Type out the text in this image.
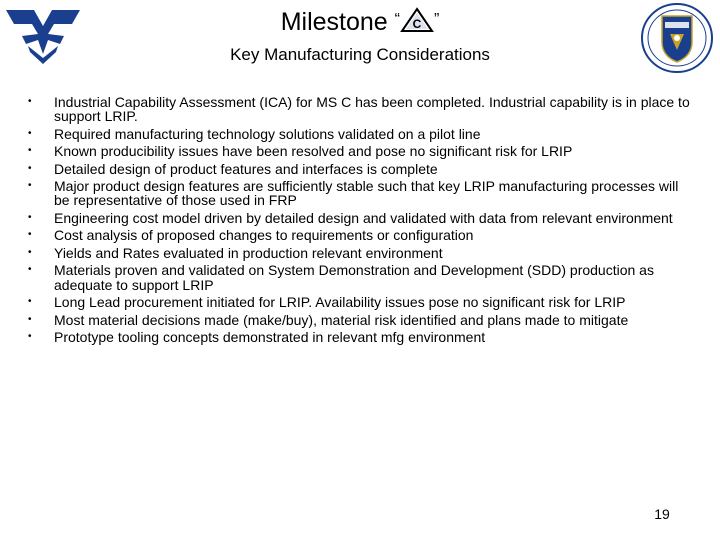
Milestone “ C ”
Key Manufacturing Considerations
• Industrial Capability Assessment (ICA) for MS C has been completed. Industrial capability is in place to support LRIP.
• Required manufacturing technology solutions validated on a pilot line
• Known producibility issues have been resolved and pose no significant risk for LRIP
• Detailed design of product features and interfaces is complete
• Major product design features are sufficiently stable such that key LRIP manufacturing processes will be representative of those used in FRP
• Engineering cost model driven by detailed design and validated with data from relevant environment
• Cost analysis of proposed changes to requirements or configuration
• Yields and Rates evaluated in production relevant environment
• Materials proven and validated on System Demonstration and Development (SDD) production as adequate to support LRIP
• Long Lead procurement initiated for LRIP. Availability issues pose no significant risk for LRIP
• Most material decisions made (make/buy), material risk identified and plans made to mitigate
• Prototype tooling concepts demonstrated in relevant mfg environment
19
